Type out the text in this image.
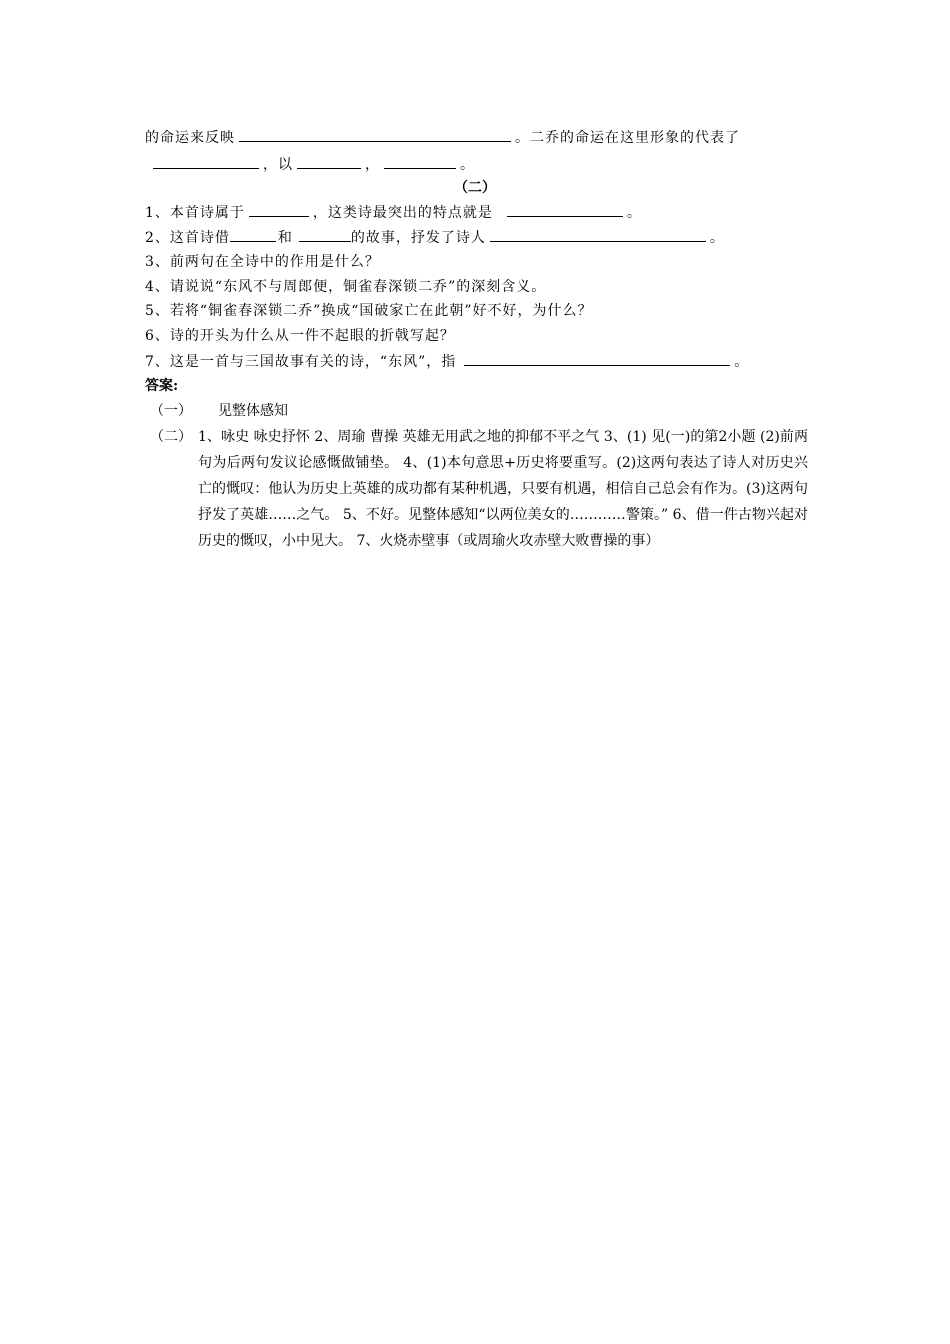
的命运来反映	。二乔的命运在这里形象的代表了
，以	，	。
（二）
1、本首诗属于	，这类诗最突出的特点就是	。
2、这首诗借	和	的故事，抒发了诗人	。
3、前两句在全诗中的作用是什么？
4、请说说“东风不与周郎便，铜雀春深锁二乔”的深刻含义。
5、若将“铜雀春深锁二乔”换成“国破家亡在此朝”好不好，为什么？
6、诗的开头为什么从一件不起眼的折戟写起？
7、这是一首与三国故事有关的诗，“东风”，指	。
答案:
（一） 见整体感知
（二） 1、咏史 咏史抒怀 2、周瑜 曹操 英雄无用武之地的抑郁不平之气 3、(1) 见(一)的第2小题 (2)前两句为后两句发议论感慨做铺垫。 4、(1)本句意思+历史将要重写。(2)这两句表达了诗人对历史兴亡的慨叹：他认为历史上英雄的成功都有某种机遇，只要有机遇，相信自己总会有作为。(3)这两句抒发了英雄……之气。 5、不好。见整体感知“以两位美女的…………警策。” 6、借一件古物兴起对历史的慨叹，小中见大。 7、火烧赤壁事（或周瑜火攻赤壁大败曹操的事）
